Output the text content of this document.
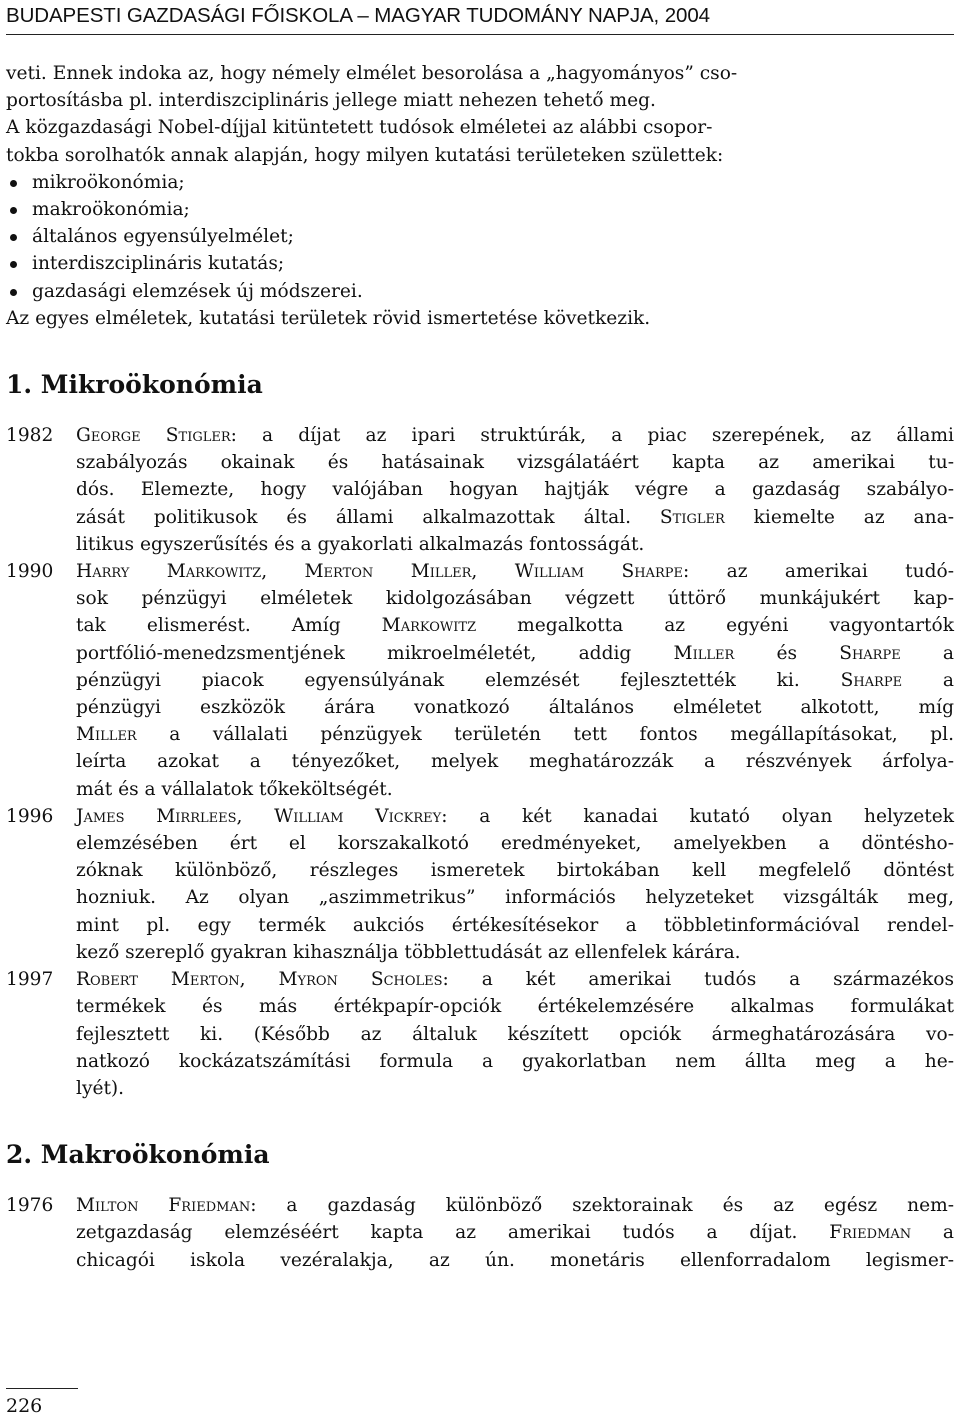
BUDAPESTI GAZDASÁGI FŐISKOLA – MAGYAR TUDOMÁNY NAPJA, 2004

veti. Ennek indoka az, hogy némely elmélet besorolása a „hagyományos” cso-
portosításba pl. interdiszciplináris jellege miatt nehezen tehető meg.
A közgazdasági Nobel-díjjal kitüntetett tudósok elméletei az alábbi csopor-
tokba sorolhatók annak alapján, hogy milyen kutatási területeken születtek:

mikroökonómia;
makroökonómia;
általános egyensúlyelmélet;
interdiszciplináris kutatás;
gazdasági elemzések új módszerei.

Az egyes elméletek, kutatási területek rövid ismertetése következik.

1. Mikroökonómia
1982 George Stigler: a díjat az ipari struktúrák, a piac szerepének, az állami
szabályozás okainak és hatásainak vizsgálatáért kapta az amerikai tu-
dós. Elemezte, hogy valójában hogyan hajtják végre a gazdaság szabályo-
zását politikusok és állami alkalmazottak által. Stigler kiemelte az ana-
litikus egyszerűsítés és a gyakorlati alkalmazás fontosságát.
1990 Harry Markowitz, Merton Miller, William Sharpe: az amerikai tudó-
sok pénzügyi elméletek kidolgozásában végzett úttörő munkájukért kap-
tak elismerést. Amíg Markowitz megalkotta az egyéni vagyontartók
portfólió-menedzsmentjének mikroelméletét, addig Miller és Sharpe a
pénzügyi piacok egyensúlyának elemzését fejlesztették ki. Sharpe a
pénzügyi eszközök árára vonatkozó általános elméletet alkotott, míg
Miller a vállalati pénzügyek területén tett fontos megállapításokat, pl.
leírta azokat a tényezőket, melyek meghatározzák a részvények árfolya-
mát és a vállalatok tőkeköltségét.
1996 James Mirrlees, William Vickrey: a két kanadai kutató olyan helyzetek
elemzésében ért el korszakalkotó eredményeket, amelyekben a döntésho-
zóknak különböző, részleges ismeretek birtokában kell megfelelő döntést
hozniuk. Az olyan „aszimmetrikus” információs helyzeteket vizsgálták meg,
mint pl. egy termék aukciós értékesítésekor a többletinformációval rendel-
kező szereplő gyakran kihasználja többlettudását az ellenfelek kárára.
1997 Robert Merton, Myron Scholes: a két amerikai tudós a származékos
termékek és más értékpapír-opciók értékelemzésére alkalmas formulákat
fejlesztett ki. (Később az általuk készített opciók ármeghatározására vo-
natkozó kockázatszámítási formula a gyakorlatban nem állta meg a he-
lyét).
2. Makroökonómia
1976 Milton Friedman: a gazdaság különböző szektorainak és az egész nem-
zetgazdaság elemzéséért kapta az amerikai tudós a díjat. Friedman a
chicagói iskola vezéralakja, az ún. monetáris ellenforradalom legismer-
226
